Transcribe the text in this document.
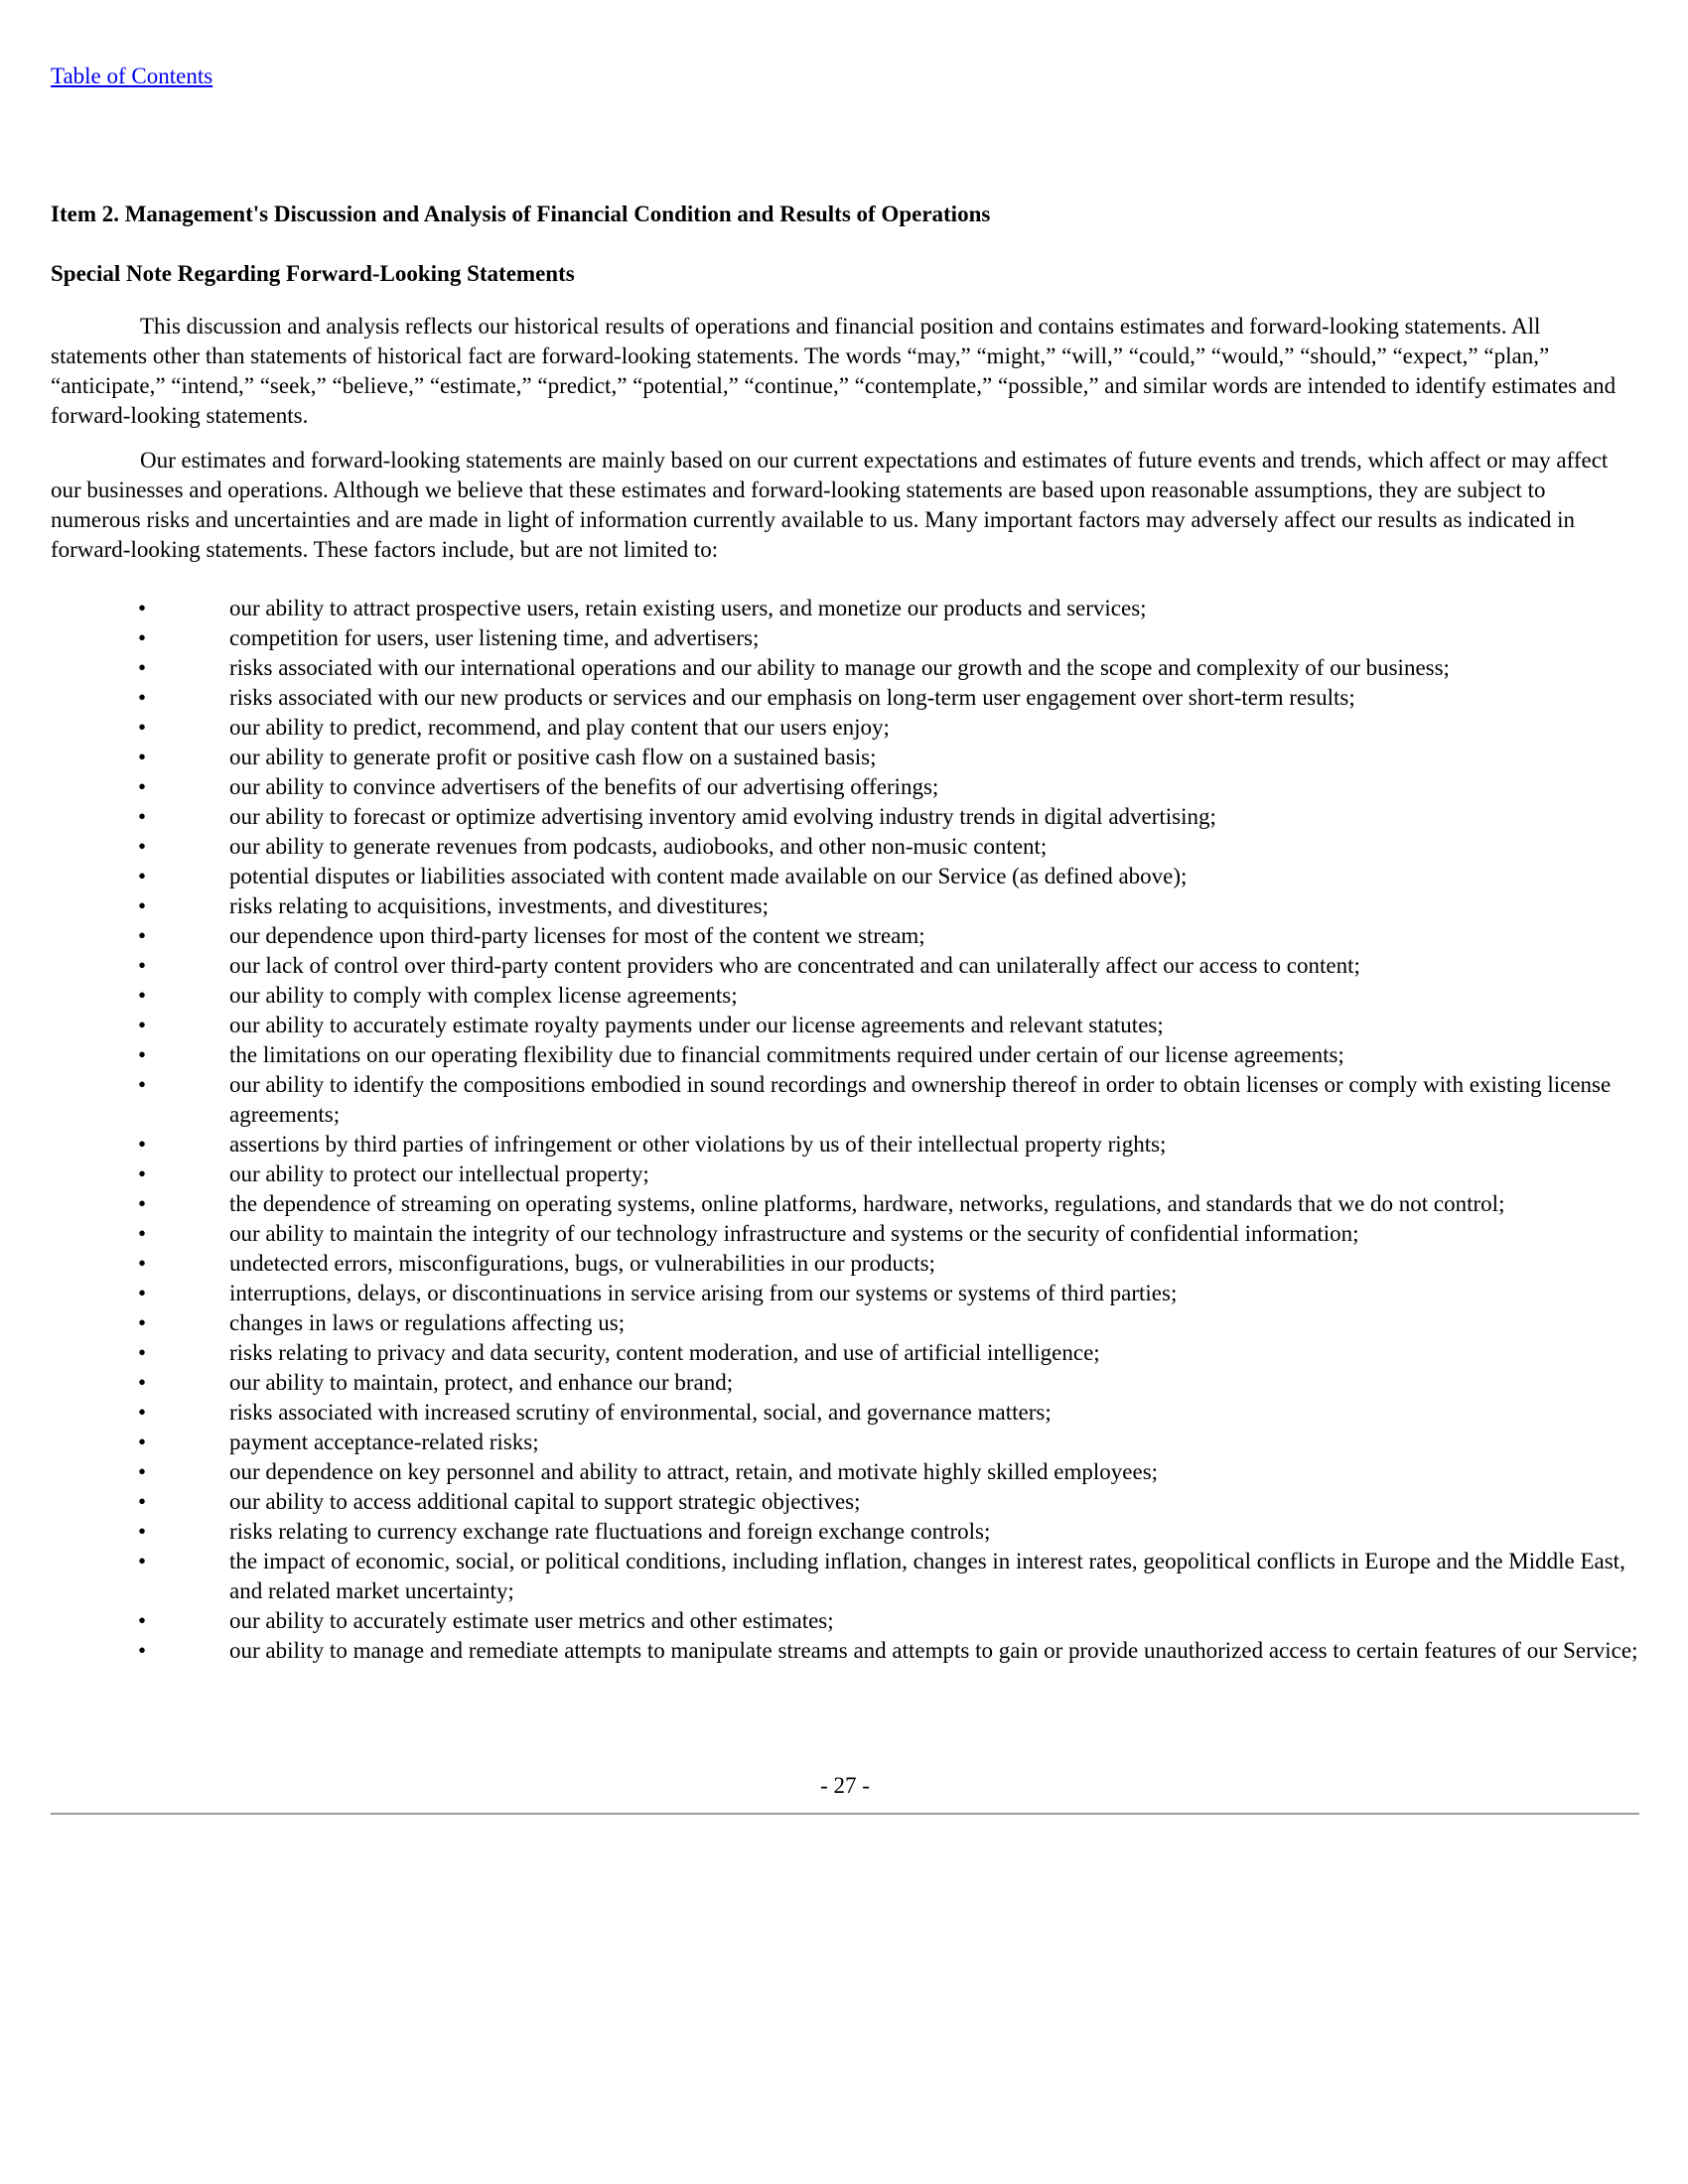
Table of Contents
Item 2. Management's Discussion and Analysis of Financial Condition and Results of Operations
Special Note Regarding Forward-Looking Statements

This discussion and analysis reflects our historical results of operations and financial position and contains estimates and forward-looking statements. All statements other than statements of historical fact are forward-looking statements. The words “may,” “might,” “will,” “could,” “would,” “should,” “expect,” “plan,” “anticipate,” “intend,” “seek,” “believe,” “estimate,” “predict,” “potential,” “continue,” “contemplate,” “possible,” and similar words are intended to identify estimates and forward-looking statements.

Our estimates and forward-looking statements are mainly based on our current expectations and estimates of future events and trends, which affect or may affect our businesses and operations. Although we believe that these estimates and forward-looking statements are based upon reasonable assumptions, they are subject to numerous risks and uncertainties and are made in light of information currently available to us. Many important factors may adversely affect our results as indicated in forward-looking statements. These factors include, but are not limited to:

•	our ability to attract prospective users, retain existing users, and monetize our products and services;
•	competition for users, user listening time, and advertisers;
•	risks associated with our international operations and our ability to manage our growth and the scope and complexity of our business;
•	risks associated with our new products or services and our emphasis on long-term user engagement over short-term results;
•	our ability to predict, recommend, and play content that our users enjoy;
•	our ability to generate profit or positive cash flow on a sustained basis;
•	our ability to convince advertisers of the benefits of our advertising offerings;
•	our ability to forecast or optimize advertising inventory amid evolving industry trends in digital advertising;
•	our ability to generate revenues from podcasts, audiobooks, and other non-music content;
•	potential disputes or liabilities associated with content made available on our Service (as defined above);
•	risks relating to acquisitions, investments, and divestitures;
•	our dependence upon third-party licenses for most of the content we stream;
•	our lack of control over third-party content providers who are concentrated and can unilaterally affect our access to content;
•	our ability to comply with complex license agreements;
•	our ability to accurately estimate royalty payments under our license agreements and relevant statutes;
•	the limitations on our operating flexibility due to financial commitments required under certain of our license agreements;
•	our ability to identify the compositions embodied in sound recordings and ownership thereof in order to obtain licenses or comply with existing license agreements;
•	assertions by third parties of infringement or other violations by us of their intellectual property rights;
•	our ability to protect our intellectual property;
•	the dependence of streaming on operating systems, online platforms, hardware, networks, regulations, and standards that we do not control;
•	our ability to maintain the integrity of our technology infrastructure and systems or the security of confidential information;
•	undetected errors, misconfigurations, bugs, or vulnerabilities in our products;
•	interruptions, delays, or discontinuations in service arising from our systems or systems of third parties;
•	changes in laws or regulations affecting us;
•	risks relating to privacy and data security, content moderation, and use of artificial intelligence;
•	our ability to maintain, protect, and enhance our brand;
•	risks associated with increased scrutiny of environmental, social, and governance matters;
•	payment acceptance-related risks;
•	our dependence on key personnel and ability to attract, retain, and motivate highly skilled employees;
•	our ability to access additional capital to support strategic objectives;
•	risks relating to currency exchange rate fluctuations and foreign exchange controls;
•	the impact of economic, social, or political conditions, including inflation, changes in interest rates, geopolitical conflicts in Europe and the Middle East, and related market uncertainty;
•	our ability to accurately estimate user metrics and other estimates;
•	our ability to manage and remediate attempts to manipulate streams and attempts to gain or provide unauthorized access to certain features of our Service;
- 27 -
